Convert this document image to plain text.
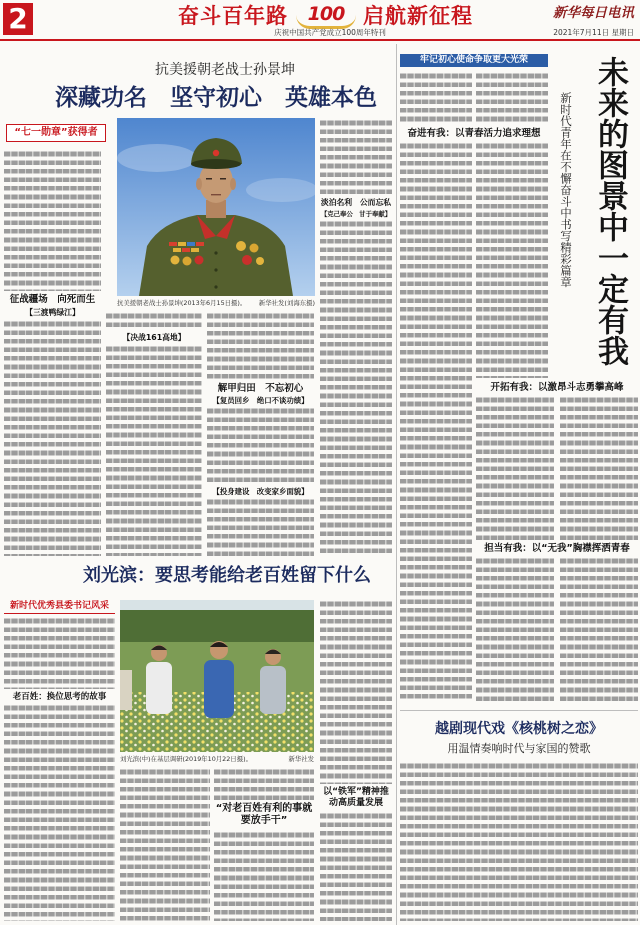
2	奋斗百年路	100 启航新征程
庆祝中国共产党成立100周年特刊
新华每日电讯
2021年7月11日 星期日
抗美援朝老战士孙景坤
深藏功名　坚守初心　英雄本色
“七一勋章”获得者
征战疆场　向死而生
【三渡鸭绿江】
抗美援朝老战士孙景坤(2013年6月15日摄)。	新华社发(刘海东摄)
淡泊名利　公而忘私
【克己奉公　甘于奉献】
【决战161高地】
解甲归田　不忘初心
【复员回乡　绝口不谈功绩】
【投身建设　改变家乡面貌】
刘光滨：要思考能给老百姓留下什么
新时代优秀县委书记风采
老百姓：换位思考的故事
刘光滨(中)在基层调研(2019年10月22日摄)。	新华社发
“对老百姓有利的事就要放手干”
以“铁军”精神推动高质量发展
牢记初心使命争取更大光荣
奋进有我：以青春活力追求理想	新时代青年在不懈奋斗中书写精彩篇章 未来的图景中一定有我
开拓有我：以激昂斗志勇攀高峰
担当有我：以“无我”胸襟挥洒青春
越剧现代戏《核桃树之恋》
用温情奏响时代与家国的赞歌
